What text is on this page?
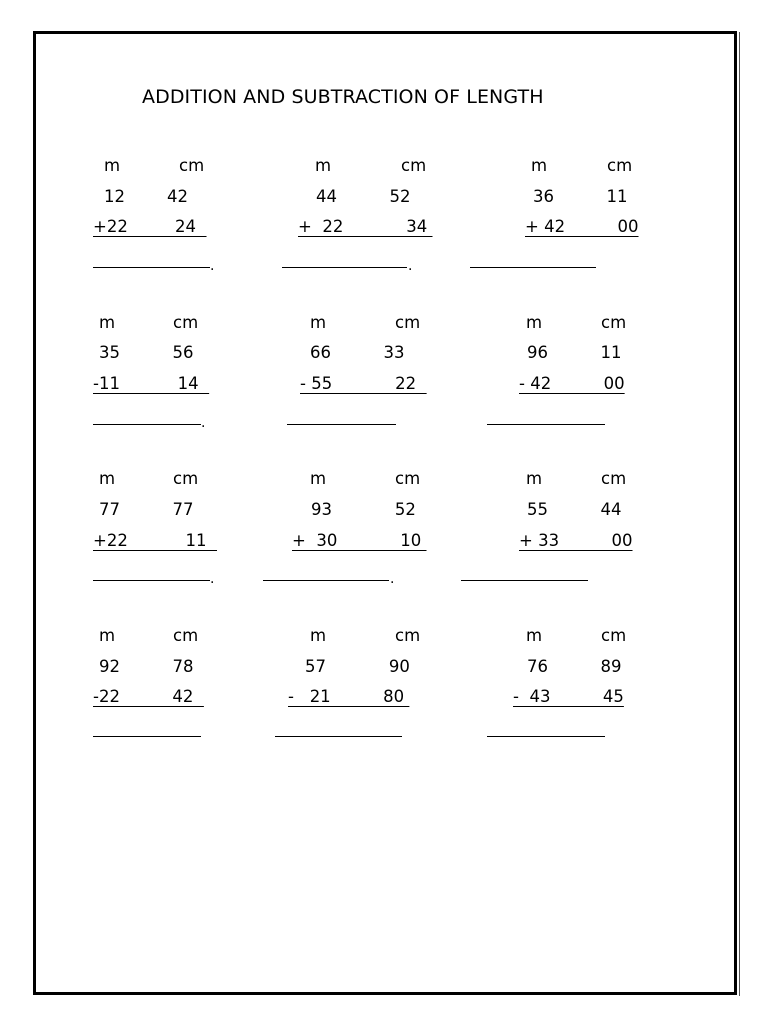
ADDITION AND SUBTRACTION OF LENGTH
m	cm
12        42
+22         24
.
m	cm
44          52
+  22            34
.
m	cm
36          11
+ 42          00
m	cm
35          56
-11           14
.
m	cm
66          33
- 55            22
m	cm
96          11
- 42          00
m	cm
77          77
+22           11
.
m	cm
93            52
+  30            10
.
m	cm
55          44
+ 33          00
m	cm
92          78
-22          42
m	cm
57            90
-   21          80
m	cm
76          89
-  43          45
